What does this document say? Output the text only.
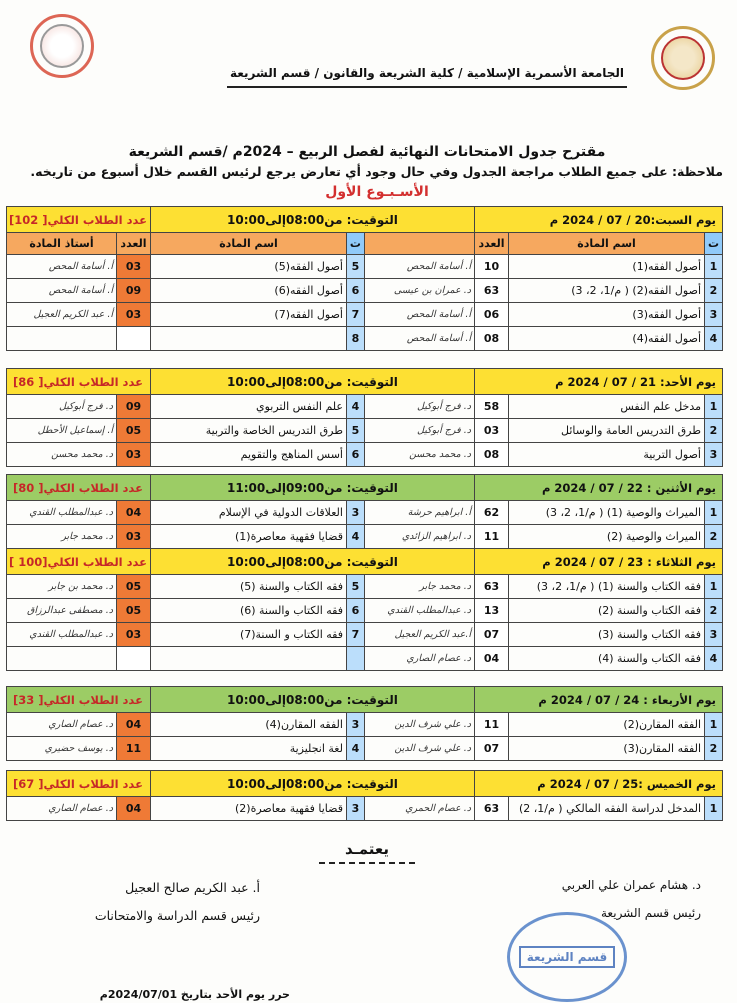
الجامعة الأسمرية الإسلامية / كلية الشريعة والقانون / قسم الشريعة
مقترح جدول الامتحانات النهائية لفصل الربيع – 2024م /قسم الشريعة
ملاحظة: على جميع الطلاب مراجعة الجدول وفي حال وجود أي تعارض يرجع لرئيس القسم خلال أسبوع من تاريخه.
الأسـبـوع الأول
يوم السبت:20 / 07 / 2024 م			التوقيت: من08:00إلى10:00			عدد الطلاب الكلي[ 102]	
ت	اسم المادة	العدد		ت	اسم المادة	العدد	أستاذ المادة
1	أصول الفقه(1)	10	أ. أسامة المحص	5	أصول الفقه(5)	03	أ. أسامة المحص
2	أصول الفقه(2) ( م/1، 2، 3)	63	د. عمران بن عيسى	6	أصول الفقه(6)	09	أ. أسامة المحص
3	أصول الفقه(3)	06	أ. أسامة المحص	7	أصول الفقه(7)	03	أ. عبد الكريم العجيل
4	أصول الفقه(4)	08	أ. أسامة المحص	8			
يوم الأحد: 21 / 07 / 2024 م			التوقيت: من08:00إلى10:00			عدد الطلاب الكلي[ 86]	
1	مدخل علم النفس	58	د. فرج أبوكيل	4	علم النفس التربوي	09	د. فرج أبوكيل
2	طرق التدريس العامة والوسائل	03	د. فرج أبوكيل	5	طرق التدريس الخاصة والتربية	05	أ. إسماعيل الأحطل
3	أصول التربية	08	د. محمد محسن	6	أسس المناهج والتقويم	03	د. محمد محسن
يوم الأثنين : 22 / 07 / 2024 م			التوقيت: من09:00إلى11:00			عدد الطلاب الكلي[ 80]	
1	الميراث والوصية (1) ( م/1، 2، 3)	62	أ. ابراهيم حرشة	3	العلاقات الدولية في الإسلام	04	د. عبدالمطلب القندي
2	الميراث والوصية (2)	11	د. ابراهيم الزائدي	4	قضايا فقهية معاصرة(1)	03	د. محمد جابر
يوم الثلاثاء : 23 / 07 / 2024 م			التوقيت: من08:00إلى10:00			عدد الطلاب الكلي[100 ]	
1	فقه الكتاب والسنة (1) ( م/1، 2، 3)	63	د. محمد جابر	5	فقه الكتاب والسنة (5)	05	د. محمد بن جابر
2	فقه الكتاب والسنة (2)	13	د. عبدالمطلب القندي	6	فقه الكتاب والسنة (6)	05	د. مصطفى عبدالرزاق
3	فقه الكتاب والسنة (3)	07	أ.عبد الكريم العجيل	7	فقه الكتاب و السنة(7)	03	د. عبدالمطلب القندي
4	فقه الكتاب والسنة (4)	04	د. عصام الصاري				
يوم الأربعاء : 24 / 07 / 2024 م			التوقيت: من08:00إلى10:00			عدد الطلاب الكلي[ 33]	
1	الفقه المقارن(2)	11	د. علي شرف الدين	3	الفقه المقارن(4)	04	د. عصام الصاري
2	الفقه المقارن(3)	07	د. علي شرف الدين	4	لغة انجليزية	11	د. يوسف حضيري
يوم الخميس :25 / 07 / 2024 م			التوقيت: من08:00إلى10:00			عدد الطلاب الكلي[ 67]	
1	المدخل لدراسة الفقه المالكي ( م/1، 2)	63	د. عصام الحمري	3	قضايا فقهية معاصرة(2)	04	د. عصام الصاري
يعتمـد
د. هشام عمران علي العربي
رئيس قسم الشريعة
أ. عبد الكريم صالح العجيل
رئيس قسم الدراسة والامتحانات
قسم الشريعة
حرر يوم الأحد بتاريخ 2024/07/01م
